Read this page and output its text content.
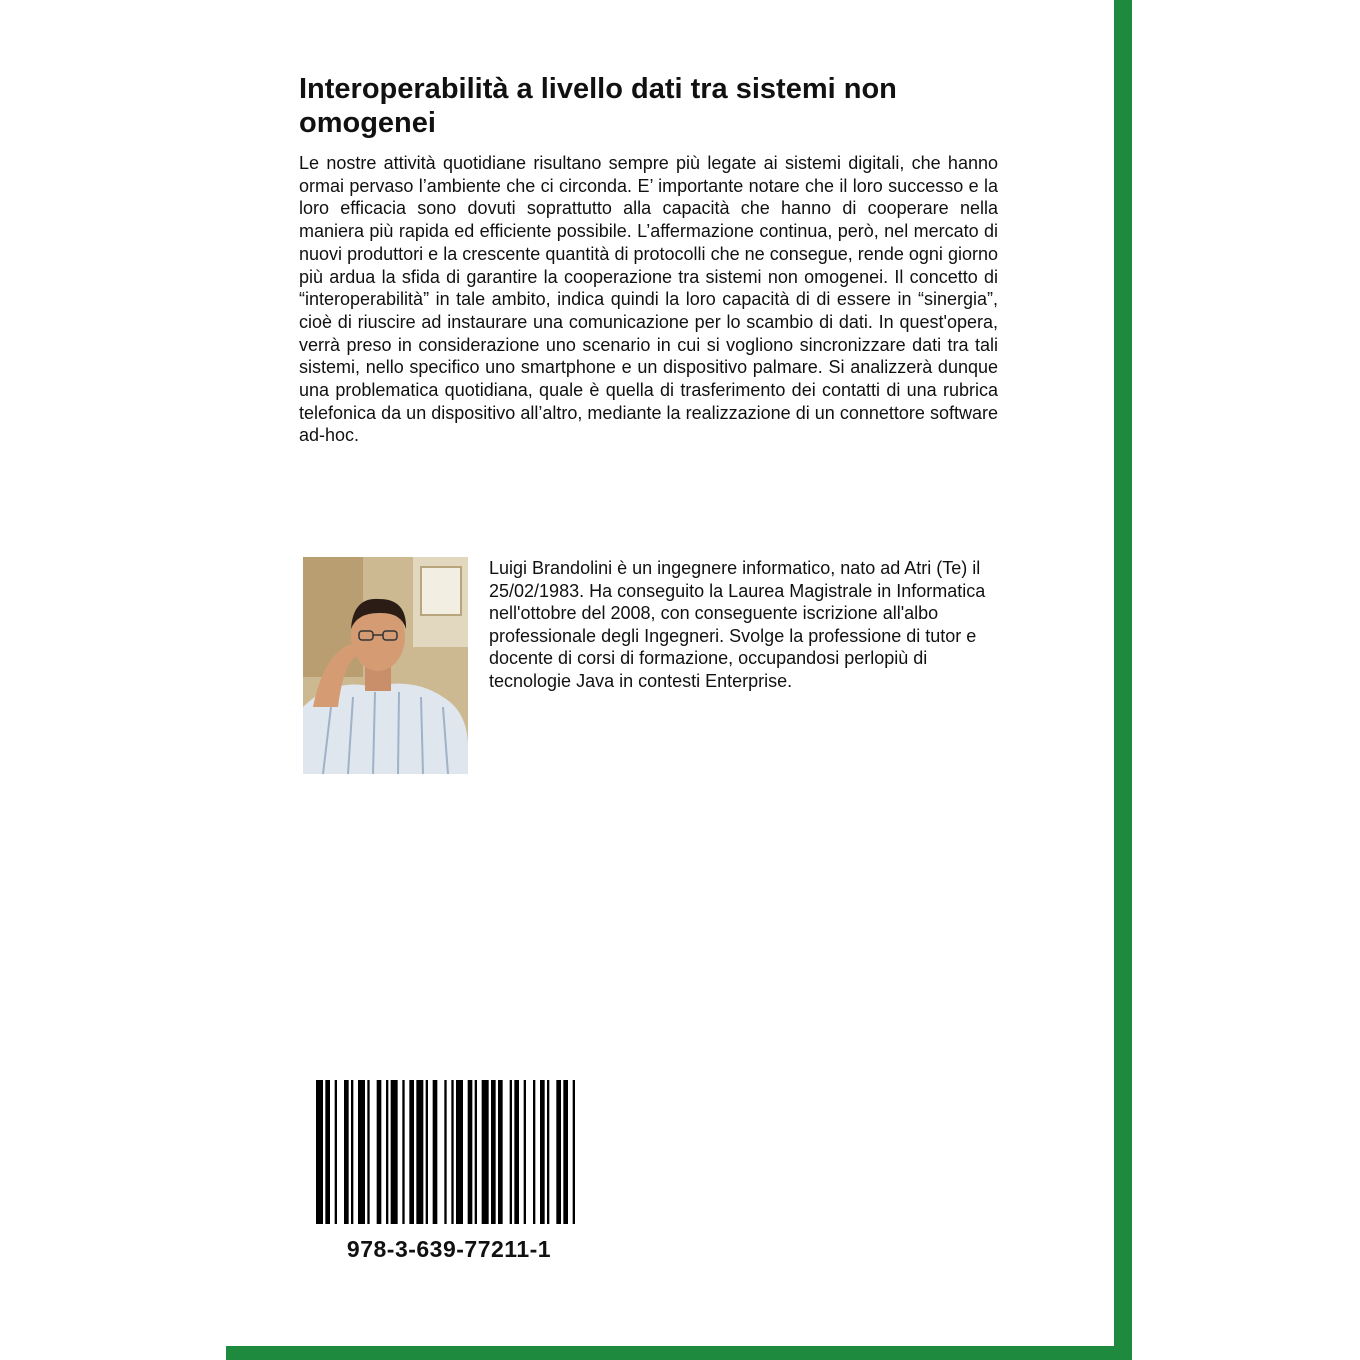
Interoperabilità a livello dati tra sistemi non omogenei

Le nostre attività quotidiane risultano sempre più legate ai sistemi digitali, che hanno ormai pervaso l’ambiente che ci circonda. E’ importante notare che il loro successo e la loro efficacia sono dovuti soprattutto alla capacità che hanno di cooperare nella maniera più rapida ed efficiente possibile. L’affermazione continua, però, nel mercato di nuovi produttori e la crescente quantità di protocolli che ne consegue, rende ogni giorno più ardua la sfida di garantire la cooperazione tra sistemi non omogenei. Il concetto di “interoperabilità” in tale ambito, indica quindi la loro capacità di di essere in “sinergia”, cioè di riuscire ad instaurare una comunicazione per lo scambio di dati. In quest'opera, verrà preso in considerazione uno scenario in cui si vogliono sincronizzare dati tra tali sistemi, nello specifico uno smartphone e un dispositivo palmare. Si analizzerà dunque una problematica quotidiana, quale è quella di trasferimento dei contatti di una rubrica telefonica da un dispositivo all’altro, mediante la realizzazione di un connettore software ad-hoc.

Luigi Brandolini è un ingegnere informatico, nato ad Atri (Te) il 25/02/1983. Ha conseguito la Laurea Magistrale in Informatica nell'ottobre del 2008, con conseguente iscrizione all'albo professionale degli Ingegneri. Svolge la professione di tutor e docente di corsi di formazione, occupandosi perlopiù di tecnologie Java in contesti Enterprise.

978-3-639-77211-1
